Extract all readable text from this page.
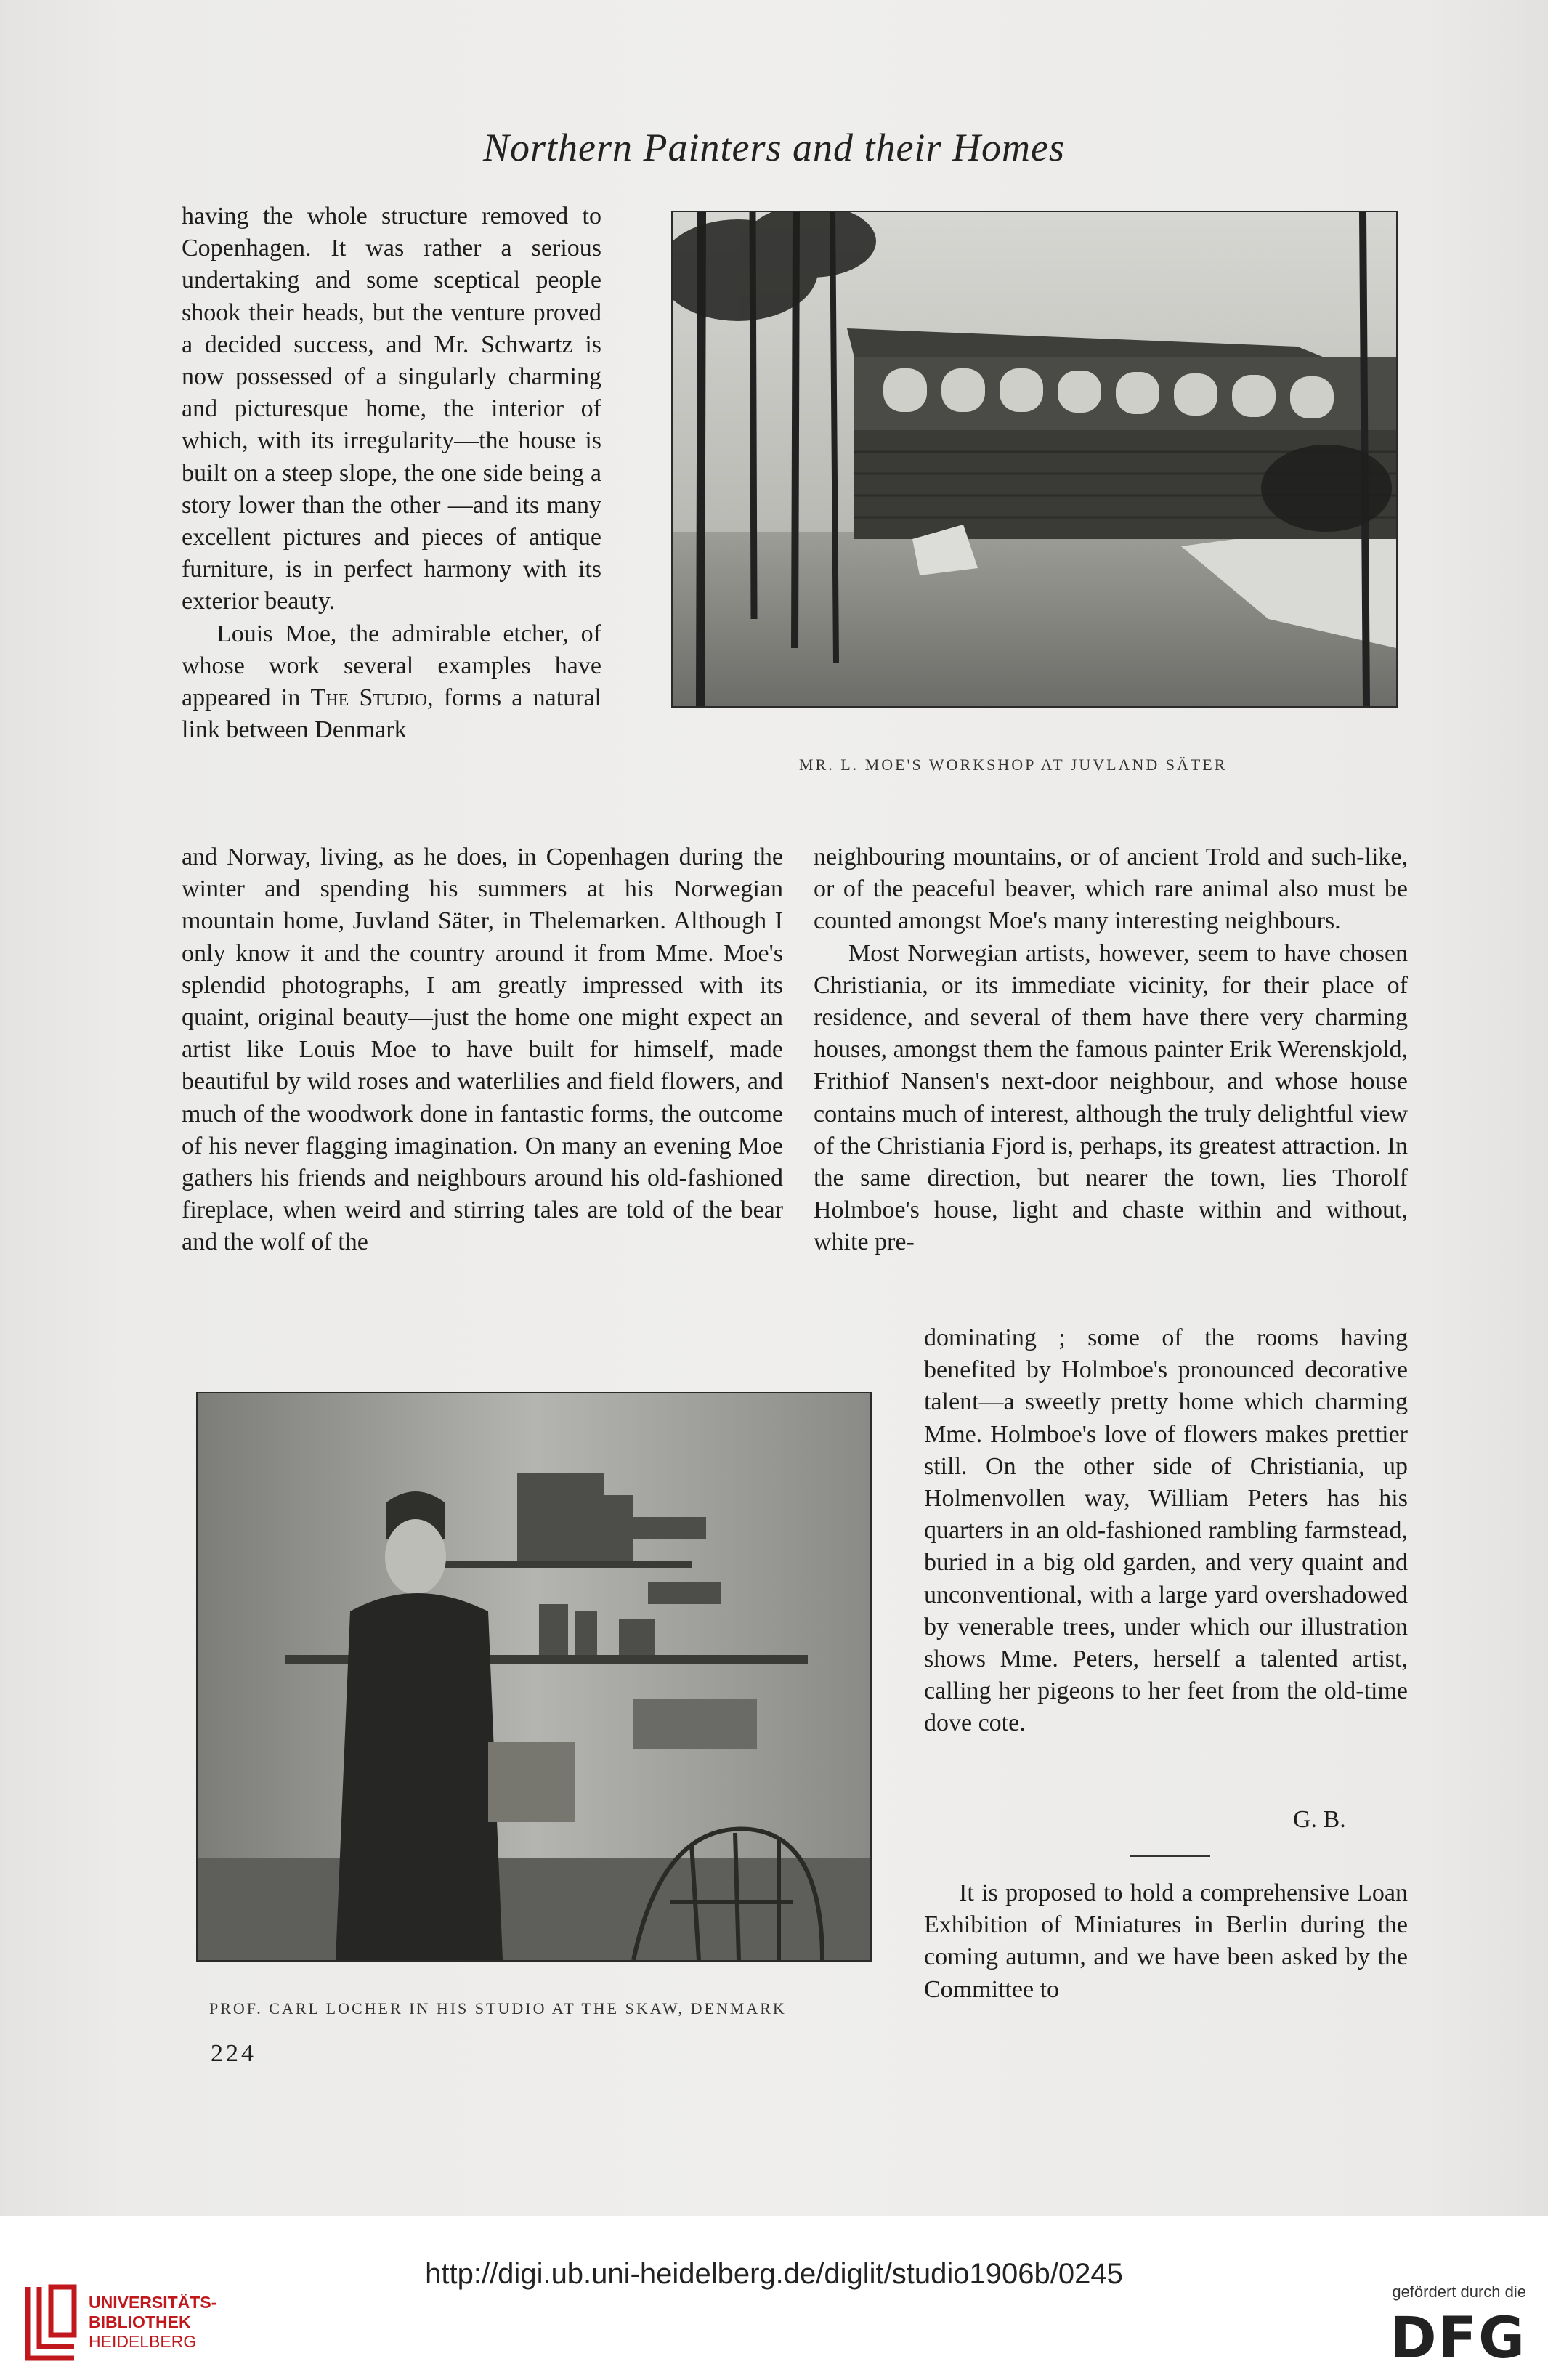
Northern Painters and their Homes

having the whole structure removed to Copenhagen. It was rather a serious undertaking and some sceptical people shook their heads, but the venture proved a decided success, and Mr. Schwartz is now possessed of a singularly charming and picturesque home, the interior of which, with its irregularity—the house is built on a steep slope, the one side being a story lower than the other —and its many excellent pictures and pieces of antique furniture, is in perfect harmony with its exterior beauty.

Louis Moe, the admirable etcher, of whose work several examples have appeared in The Studio, forms a natural link between Denmark

and Norway, living, as he does, in Copenhagen during the winter and spending his summers at his Norwegian mountain home, Juvland Säter, in Thelemarken. Although I only know it and the country around it from Mme. Moe's splendid photographs, I am greatly impressed with its quaint, original beauty—just the home one might expect an artist like Louis Moe to have built for himself, made beautiful by wild roses and waterlilies and field flowers, and much of the woodwork done in fantastic forms, the outcome of his never flagging imagination. On many an evening Moe gathers his friends and neighbours around his old-fashioned fireplace, when weird and stirring tales are told of the bear and the wolf of the

neighbouring mountains, or of ancient Trold and such-like, or of the peaceful beaver, which rare animal also must be counted amongst Moe's many interesting neighbours.

Most Norwegian artists, however, seem to have chosen Christiania, or its immediate vicinity, for their place of residence, and several of them have there very charming houses, amongst them the famous painter Erik Werenskjold, Frithiof Nansen's next-door neighbour, and whose house contains much of interest, although the truly delightful view of the Christiania Fjord is, perhaps, its greatest attraction. In the same direction, but nearer the town, lies Thorolf Holmboe's house, light and chaste within and without, white pre-

dominating ; some of the rooms having benefited by Holmboe's pronounced decorative talent—a sweetly pretty home which charming Mme. Holmboe's love of flowers makes prettier still. On the other side of Christiania, up Holmenvollen way, William Peters has his quarters in an old-fashioned rambling farmstead, buried in a big old garden, and very quaint and unconventional, with a large yard overshadowed by venerable trees, under which our illustration shows Mme. Peters, herself a talented artist, calling her pigeons to her feet from the old-time dove cote.

G. B.

It is proposed to hold a comprehensive Loan Exhibition of Miniatures in Berlin during the coming autumn, and we have been asked by the Committee to

MR. L. MOE'S WORKSHOP AT JUVLAND SÄTER
PROF. CARL LOCHER IN HIS STUDIO AT THE SKAW, DENMARK
224
UNIVERSITÄTS-
BIBLIOTHEK
HEIDELBERG
http://digi.ub.uni-heidelberg.de/diglit/studio1906b/0245
gefördert durch die
DFG
